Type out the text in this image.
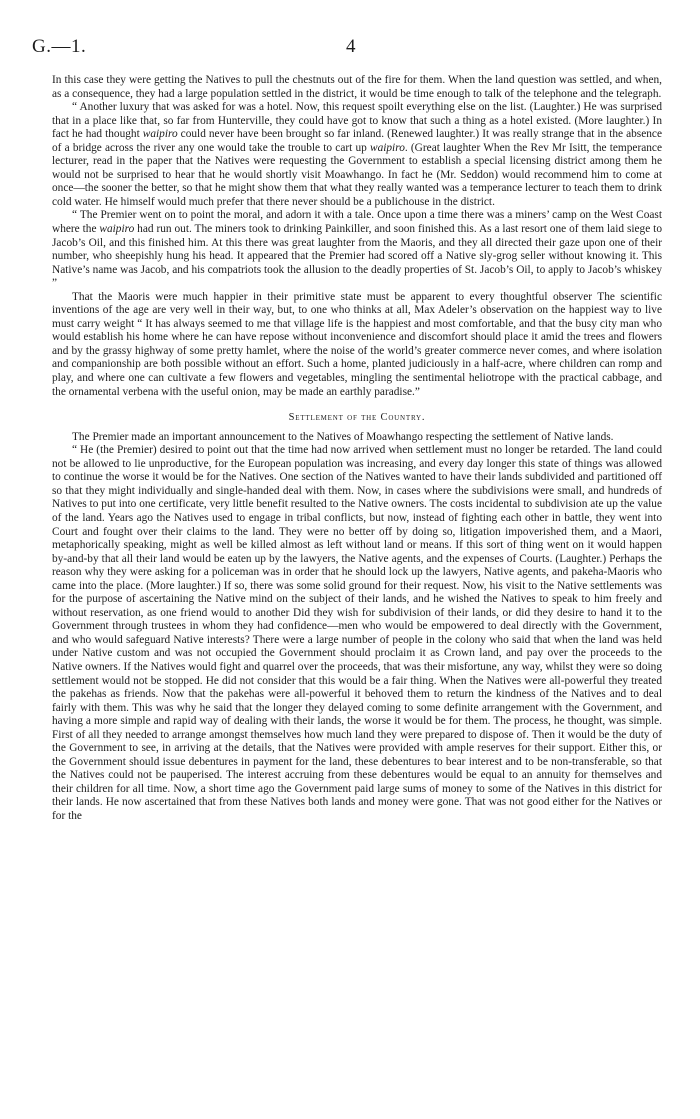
G.—1.	4

In this case they were getting the Natives to pull the chestnuts out of the fire for them. When the land question was settled, and when, as a consequence, they had a large population settled in the district, it would be time enough to talk of the telephone and the telegraph.

“ Another luxury that was asked for was a hotel. Now, this request spoilt everything else on the list. (Laughter.) He was surprised that in a place like that, so far from Hunterville, they could have got to know that such a thing as a hotel existed. (More laughter.) In fact he had thought waipiro could never have been brought so far inland. (Renewed laughter.) It was really strange that in the absence of a bridge across the river any one would take the trouble to cart up waipiro. (Great laughter When the Rev Mr Isitt, the temperance lecturer, read in the paper that the Natives were requesting the Government to establish a special licensing district among them he would not be surprised to hear that he would shortly visit Moawhango. In fact he (Mr. Seddon) would recommend him to come at once—the sooner the better, so that he might show them that what they really wanted was a temperance lecturer to teach them to drink cold water. He himself would much prefer that there never should be a publichouse in the district.

“ The Premier went on to point the moral, and adorn it with a tale. Once upon a time there was a miners’ camp on the West Coast where the waipiro had run out. The miners took to drinking Painkiller, and soon finished this. As a last resort one of them laid siege to Jacob’s Oil, and this finished him. At this there was great laughter from the Maoris, and they all directed their gaze upon one of their number, who sheepishly hung his head. It appeared that the Premier had scored off a Native sly-grog seller without knowing it. This Native’s name was Jacob, and his compatriots took the allusion to the deadly properties of St. Jacob’s Oil, to apply to Jacob’s whiskey ”

That the Maoris were much happier in their primitive state must be apparent to every thoughtful observer The scientific inventions of the age are very well in their way, but, to one who thinks at all, Max Adeler’s observation on the happiest way to live must carry weight “ It has always seemed to me that village life is the happiest and most comfortable, and that the busy city man who would establish his home where he can have repose without inconvenience and discomfort should place it amid the trees and flowers and by the grassy highway of some pretty hamlet, where the noise of the world’s greater commerce never comes, and where isolation and companionship are both possible without an effort. Such a home, planted judiciously in a half-acre, where children can romp and play, and where one can cultivate a few flowers and vegetables, mingling the sentimental heliotrope with the practical cabbage, and the ornamental verbena with the useful onion, may be made an earthly paradise.”

Settlement of the Country.

The Premier made an important announcement to the Natives of Moawhango respecting the settlement of Native lands.

“ He (the Premier) desired to point out that the time had now arrived when settlement must no longer be retarded. The land could not be allowed to lie unproductive, for the European population was increasing, and every day longer this state of things was allowed to continue the worse it would be for the Natives. One section of the Natives wanted to have their lands subdivided and partitioned off so that they might individually and single-handed deal with them. Now, in cases where the subdivisions were small, and hundreds of Natives to put into one certificate, very little benefit resulted to the Native owners. The costs incidental to subdivision ate up the value of the land. Years ago the Natives used to engage in tribal conflicts, but now, instead of fighting each other in battle, they went into Court and fought over their claims to the land. They were no better off by doing so, litigation impoverished them, and a Maori, metaphorically speaking, might as well be killed almost as left without land or means. If this sort of thing went on it would happen by-and-by that all their land would be eaten up by the lawyers, the Native agents, and the expenses of Courts. (Laughter.) Perhaps the reason why they were asking for a policeman was in order that he should lock up the lawyers, Native agents, and pakeha-Maoris who came into the place. (More laughter.) If so, there was some solid ground for their request. Now, his visit to the Native settlements was for the purpose of ascertaining the Native mind on the subject of their lands, and he wished the Natives to speak to him freely and without reservation, as one friend would to another Did they wish for subdivision of their lands, or did they desire to hand it to the Government through trustees in whom they had confidence—men who would be empowered to deal directly with the Government, and who would safeguard Native interests? There were a large number of people in the colony who said that when the land was held under Native custom and was not occupied the Government should proclaim it as Crown land, and pay over the proceeds to the Native owners. If the Natives would fight and quarrel over the proceeds, that was their misfortune, any way, whilst they were so doing settlement would not be stopped. He did not consider that this would be a fair thing. When the Natives were all-powerful they treated the pakehas as friends. Now that the pakehas were all-powerful it behoved them to return the kindness of the Natives and to deal fairly with them. This was why he said that the longer they delayed coming to some definite arrangement with the Government, and having a more simple and rapid way of dealing with their lands, the worse it would be for them. The process, he thought, was simple. First of all they needed to arrange amongst themselves how much land they were prepared to dispose of. Then it would be the duty of the Government to see, in arriving at the details, that the Natives were provided with ample reserves for their support. Either this, or the Government should issue debentures in payment for the land, these debentures to bear interest and to be non-transferable, so that the Natives could not be pauperised. The interest accruing from these debentures would be equal to an annuity for themselves and their children for all time. Now, a short time ago the Government paid large sums of money to some of the Natives in this district for their lands. He now ascertained that from these Natives both lands and money were gone. That was not good either for the Natives or for the
